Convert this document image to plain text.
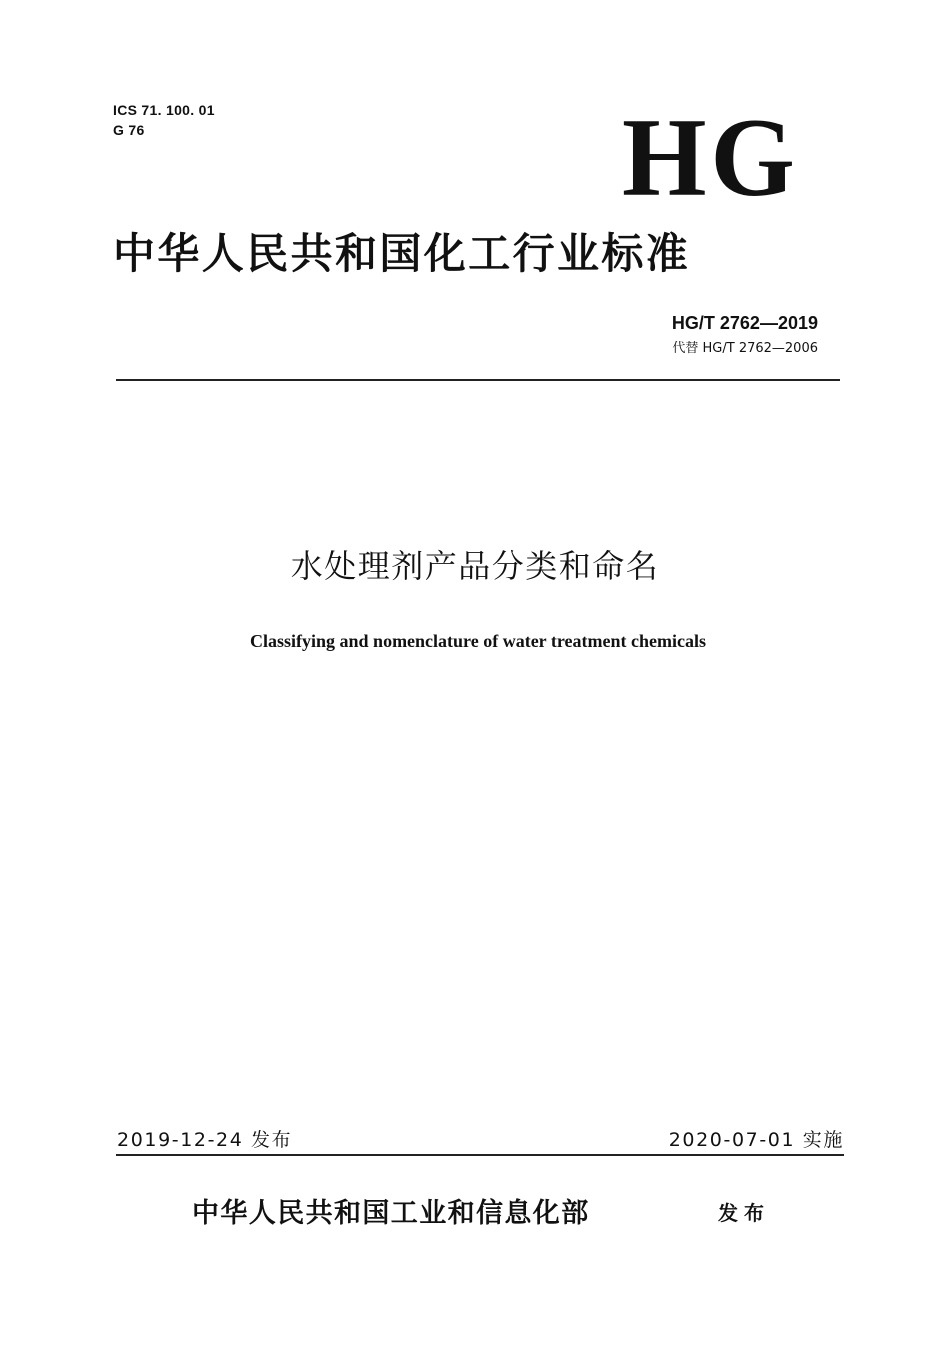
ICS 71. 100. 01
G 76	HG
中华人民共和国化工行业标准
HG/T 2762—2019
代替 HG/T 2762—2006
水处理剂产品分类和命名
Classifying and nomenclature of water treatment chemicals
2019-12-24 发布	2020-07-01 实施
中华人民共和国工业和信息化部	发布
